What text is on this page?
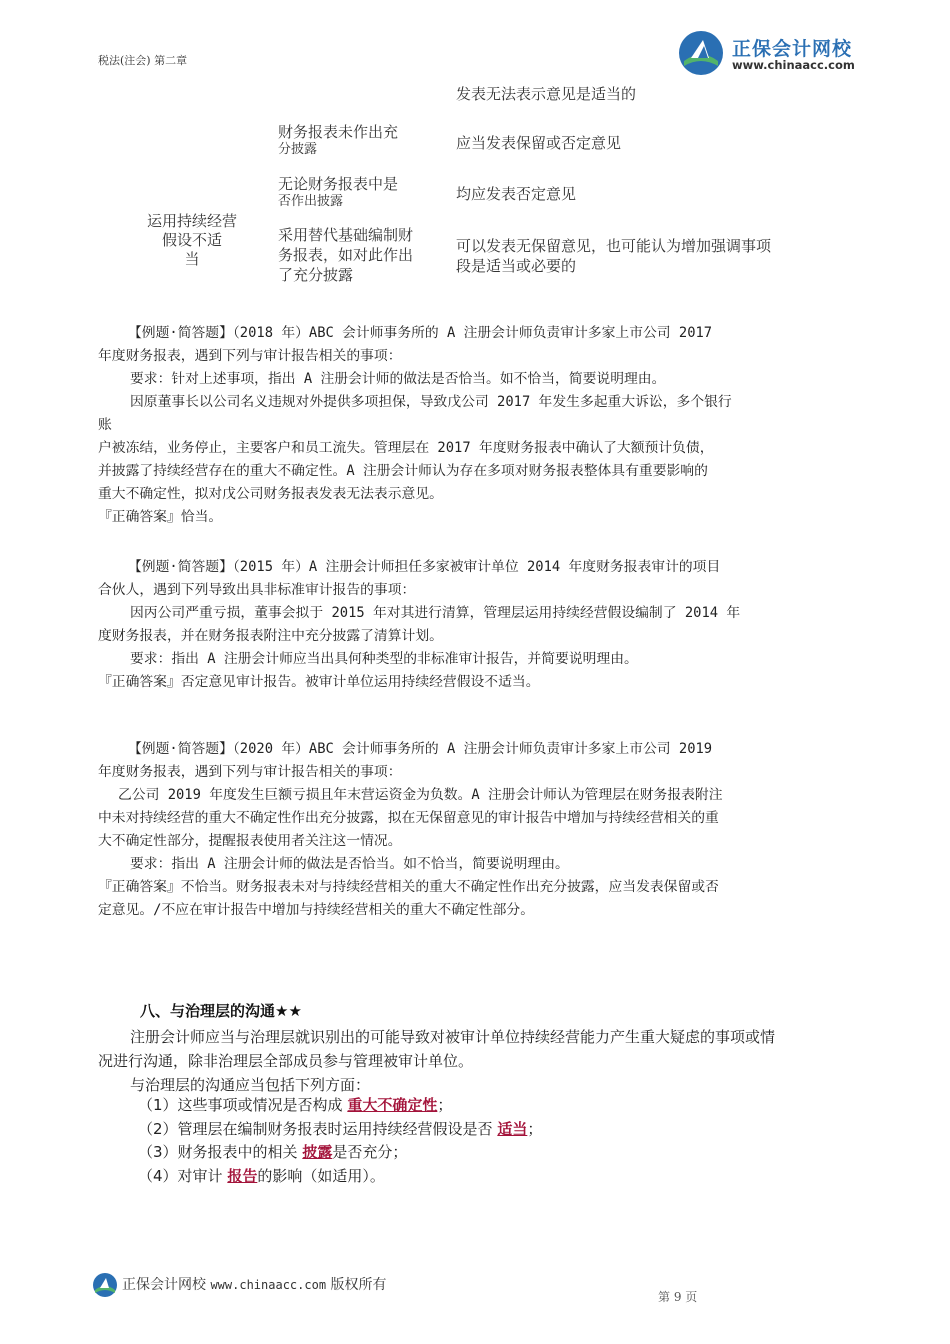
税法(注会) 第二章
正保会计网校
www.chinaacc.com
发表无法表示意见是适当的
运用持续经营
假设不适
当
财务报表未作出充
分披露	应当发表保留或否定意见
无论财务报表中是
否作出披露	均应发表否定意见
采用替代基础编制财
务报表，如对此作出
了充分披露
可以发表无保留意见，也可能认为增加强调事项
段是适当或必要的
【例题·简答题】（2018 年）ABC 会计师事务所的 A 注册会计师负责审计多家上市公司 2017
年度财务报表，遇到下列与审计报告相关的事项：
要求：针对上述事项，指出 A 注册会计师的做法是否恰当。如不恰当，简要说明理由。
因原董事长以公司名义违规对外提供多项担保，导致戊公司 2017 年发生多起重大诉讼，多个银行
账
户被冻结，业务停止，主要客户和员工流失。管理层在 2017 年度财务报表中确认了大额预计负债，
并披露了持续经营存在的重大不确定性。A 注册会计师认为存在多项对财务报表整体具有重要影响的
重大不确定性，拟对戊公司财务报表发表无法表示意见。
『正确答案』恰当。
【例题·简答题】（2015 年）A 注册会计师担任多家被审计单位 2014 年度财务报表审计的项目
合伙人，遇到下列导致出具非标准审计报告的事项：
因丙公司严重亏损，董事会拟于 2015 年对其进行清算，管理层运用持续经营假设编制了 2014 年
度财务报表，并在财务报表附注中充分披露了清算计划。
要求：指出 A 注册会计师应当出具何种类型的非标准审计报告，并简要说明理由。
『正确答案』否定意见审计报告。被审计单位运用持续经营假设不适当。
【例题·简答题】（2020 年）ABC 会计师事务所的 A 注册会计师负责审计多家上市公司 2019
年度财务报表，遇到下列与审计报告相关的事项：
乙公司 2019 年度发生巨额亏损且年末营运资金为负数。A 注册会计师认为管理层在财务报表附注
中未对持续经营的重大不确定性作出充分披露，拟在无保留意见的审计报告中增加与持续经营相关的重
大不确定性部分，提醒报表使用者关注这一情况。
要求：指出 A 注册会计师的做法是否恰当。如不恰当，简要说明理由。
『正确答案』不恰当。财务报表未对与持续经营相关的重大不确定性作出充分披露，应当发表保留或否
定意见。/不应在审计报告中增加与持续经营相关的重大不确定性部分。
八、与治理层的沟通★★
注册会计师应当与治理层就识别出的可能导致对被审计单位持续经营能力产生重大疑虑的事项或情
况进行沟通，除非治理层全部成员参与管理被审计单位。
与治理层的沟通应当包括下列方面：
（1）这些事项或情况是否构成 重大不确定性；
（2）管理层在编制财务报表时运用持续经营假设是否 适当；
（3）财务报表中的相关 披露是否充分；
（4）对审计 报告的影响（如适用）。
正保会计网校 www.chinaacc.com 版权所有
第 9 页
